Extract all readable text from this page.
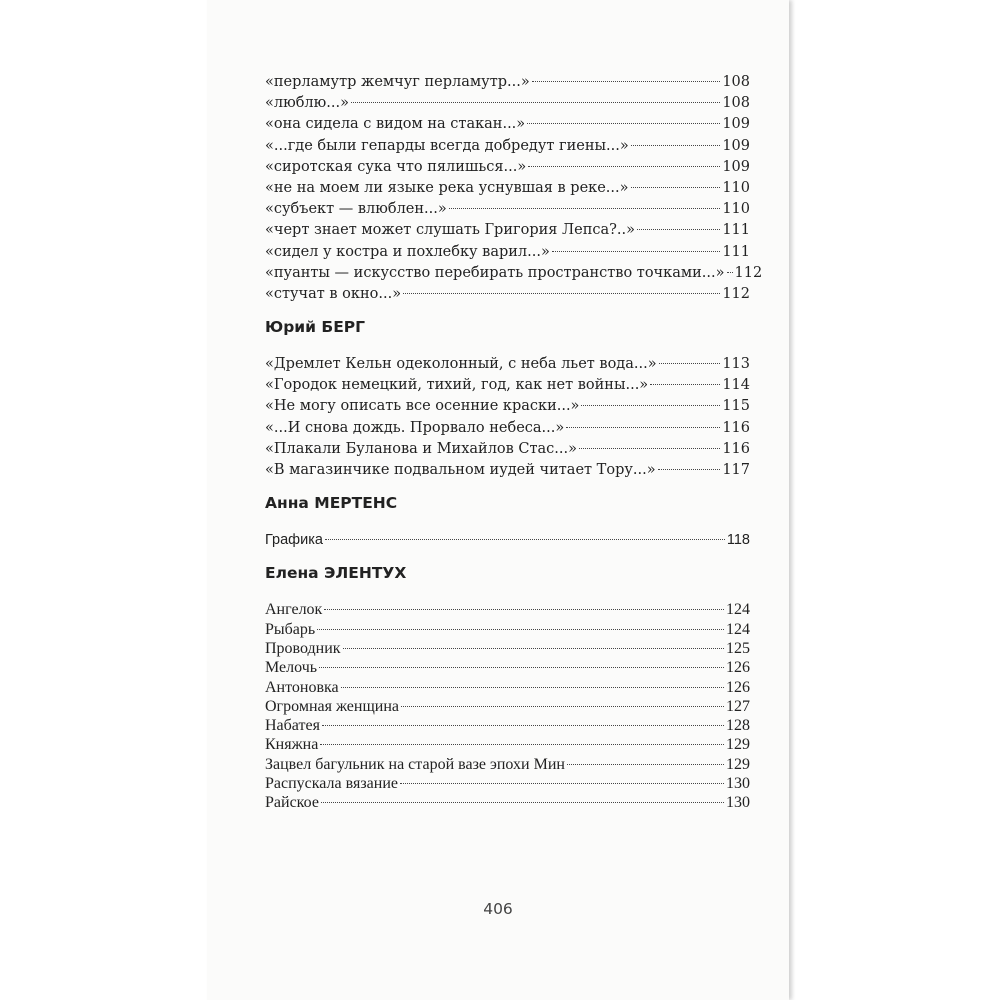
«перламутр жемчуг перламутр...»	108
«люблю...»	108
«она сидела с видом на стакан...»	109
«...где были гепарды всегда добредут гиены...»	109
«сиротская сука что пялишься...»	109
«не на моем ли языке река уснувшая в реке...»	110
«субъект — влюблен...»	110
«черт знает может слушать Григория Лепса?..»	111
«сидел у костра и похлебку варил...»	111
«пуанты — искусство перебирать пространство точками...» 112
«стучат в окно...»	112
Юрий БЕРГ
«Дремлет Кельн одеколонный, с неба льет вода...»	113
«Городок немецкий, тихий, год, как нет войны...»	114
«Не могу описать все осенние краски...»	115
«...И снова дождь. Прорвало небеса...»	116
«Плакали Буланова и Михайлов Стас...»	116
«В магазинчике подвальном иудей читает Тору...»	117
Анна МЕРТЕНС
Графика	118
Елена ЭЛЕНТУХ
Ангелок	124
Рыбарь	124
Проводник	125
Мелочь	126
Антоновка	126
Огромная женщина	127
Набатея	128
Княжна	129
Зацвел багульник на старой вазе эпохи Мин	129
Распускала вязание	130
Райское	130
406
